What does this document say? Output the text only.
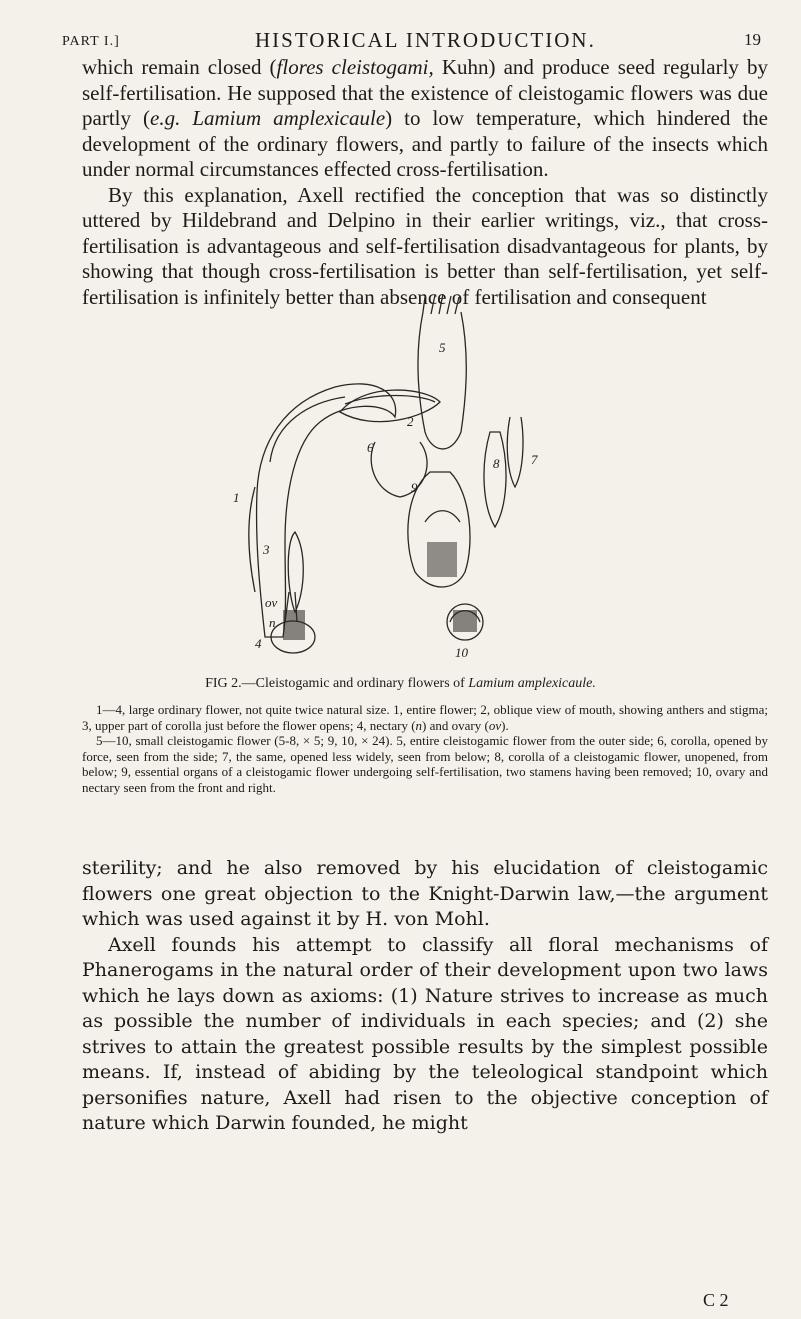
PART I.]	HISTORICAL INTRODUCTION.	19

which remain closed (flores cleistogami, Kuhn) and produce seed regularly by self-fertilisation. He supposed that the existence of cleistogamic flowers was due partly (e.g. Lamium amplexicaule) to low temperature, which hindered the development of the ordinary flowers, and partly to failure of the insects which under normal circumstances effected cross-fertilisation.

By this explanation, Axell rectified the conception that was so distinctly uttered by Hildebrand and Delpino in their earlier writings, viz., that cross-fertilisation is advantageous and self-fertilisation disadvantageous for plants, by showing that though cross-fertilisation is better than self-fertilisation, yet self-fertilisation is infinitely better than absence of fertilisation and consequent

1
2
3
4
5
6
7
8
9
10
ov
n
FIG 2.—Cleistogamic and ordinary flowers of Lamium amplexicaule.

1—4, large ordinary flower, not quite twice natural size. 1, entire flower; 2, oblique view of mouth, showing anthers and stigma; 3, upper part of corolla just before the flower opens; 4, nectary (n) and ovary (ov).

5—10, small cleistogamic flower (5-8, × 5; 9, 10, × 24). 5, entire cleistogamic flower from the outer side; 6, corolla, opened by force, seen from the side; 7, the same, opened less widely, seen from below; 8, corolla of a cleistogamic flower, unopened, from below; 9, essential organs of a cleistogamic flower undergoing self-fertilisation, two stamens having been removed; 10, ovary and nectary seen from the front and right.

sterility; and he also removed by his elucidation of cleistogamic flowers one great objection to the Knight-Darwin law,—the argument which was used against it by H. von Mohl.

Axell founds his attempt to classify all floral mechanisms of Phanerogams in the natural order of their development upon two laws which he lays down as axioms: (1) Nature strives to increase as much as possible the number of individuals in each species; and (2) she strives to attain the greatest possible results by the simplest possible means. If, instead of abiding by the teleological standpoint which personifies nature, Axell had risen to the objective conception of nature which Darwin founded, he might

C 2
